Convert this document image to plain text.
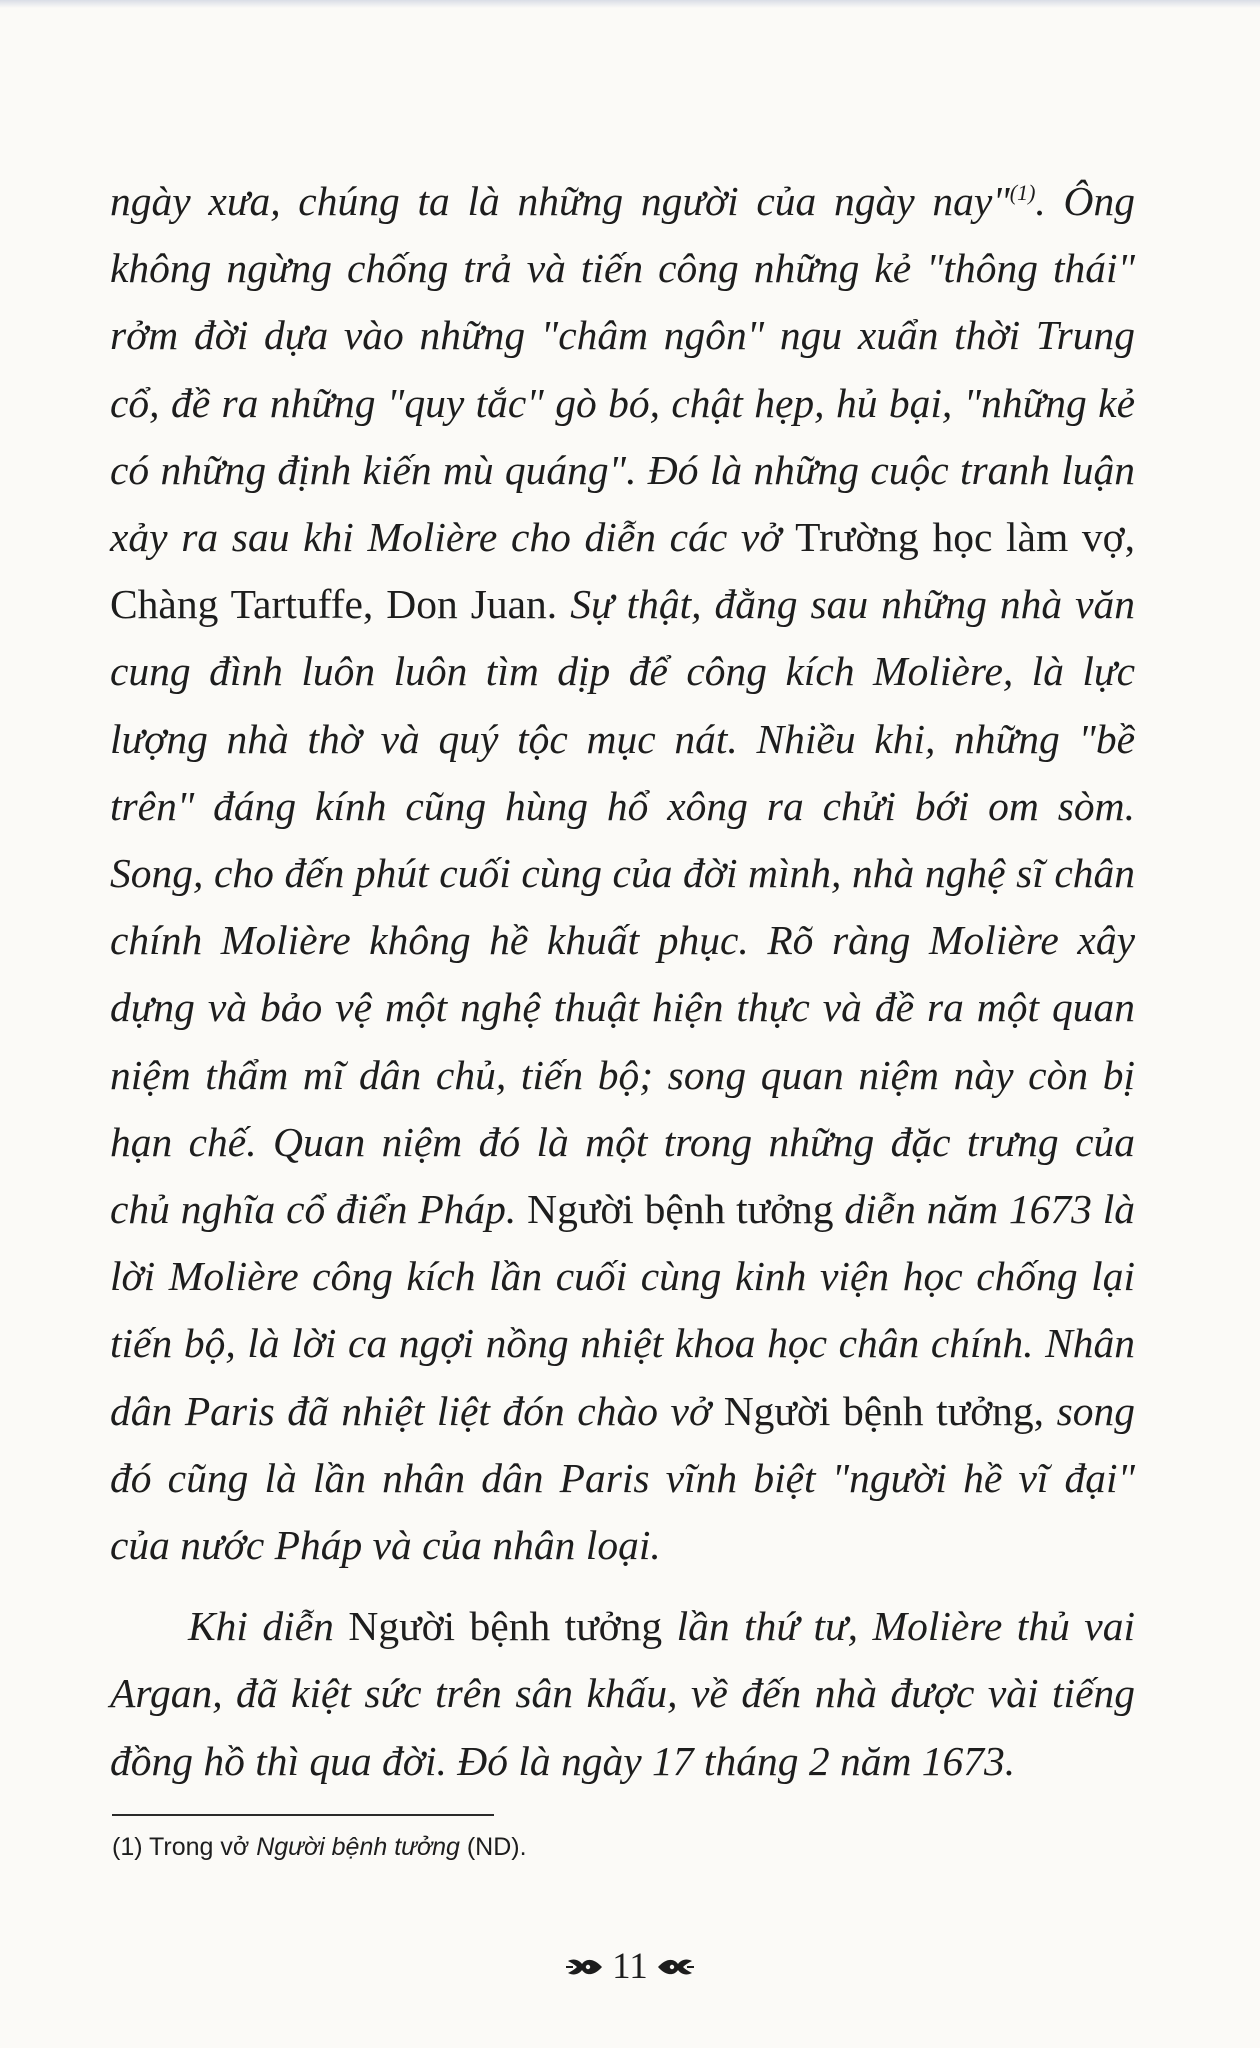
ngày xưa, chúng ta là những người của ngày nay"$^{(1)}$. Ông không ngừng chống trả và tiến công những kẻ "thông thái" rởm đời dựa vào những "châm ngôn" ngu xuẩn thời Trung cổ, đề ra những "quy tắc" gò bó, chật hẹp, hủ bại, "những kẻ có những định kiến mù quáng". Đó là những cuộc tranh luận xảy ra sau khi Molière cho diễn các vở Trường học làm vợ, Chàng Tartuffe, Don Juan. Sự thật, đằng sau những nhà văn cung đình luôn luôn tìm dịp để công kích Molière, là lực lượng nhà thờ và quý tộc mục nát. Nhiều khi, những "bề trên" đáng kính cũng hùng hổ xông ra chửi bới om sòm. Song, cho đến phút cuối cùng của đời mình, nhà nghệ sĩ chân chính Molière không hề khuất phục. Rõ ràng Molière xây dựng và bảo vệ một nghệ thuật hiện thực và đề ra một quan niệm thẩm mĩ dân chủ, tiến bộ; song quan niệm này còn bị hạn chế. Quan niệm đó là một trong những đặc trưng của chủ nghĩa cổ điển Pháp. Người bệnh tưởng diễn năm 1673 là lời Molière công kích lần cuối cùng kinh viện học chống lại tiến bộ, là lời ca ngợi nồng nhiệt khoa học chân chính. Nhân dân Paris đã nhiệt liệt đón chào vở Người bệnh tưởng, song đó cũng là lần nhân dân Paris vĩnh biệt "người hề vĩ đại" của nước Pháp và của nhân loại.

Khi diễn Người bệnh tưởng lần thứ tư, Molière thủ vai Argan, đã kiệt sức trên sân khấu, về đến nhà được vài tiếng đồng hồ thì qua đời. Đó là ngày 17 tháng 2 năm 1673.

(1) Trong vở Người bệnh tưởng (ND).
11
